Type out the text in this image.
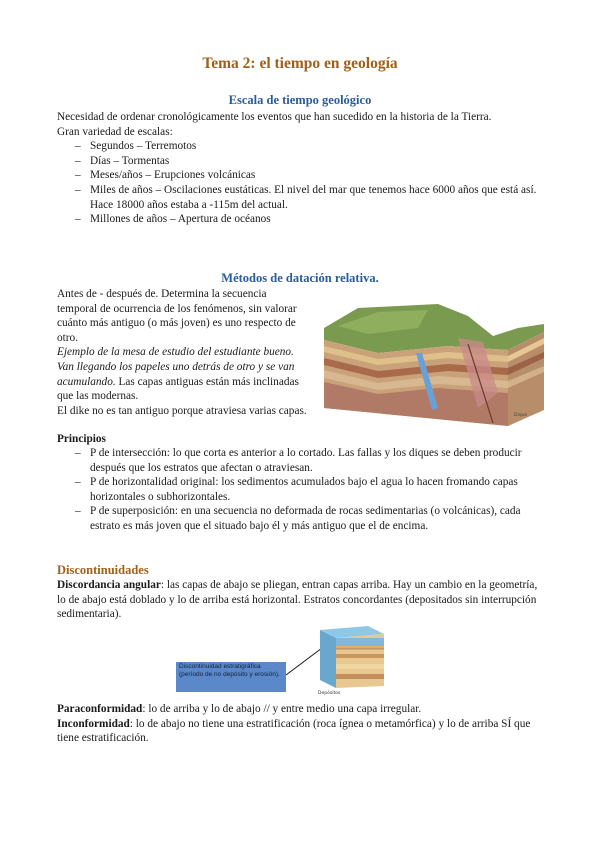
Tema 2: el tiempo en geología
Escala de tiempo geológico

Necesidad de ordenar cronológicamente los eventos que han sucedido en la historia de la Tierra.

Gran variedad de escalas:

– Segundos – Terremotos
– Días – Tormentas
– Meses/años – Erupciones volcánicas
– Miles de años – Oscilaciones eustáticas. El nivel del mar que tenemos hace 6000 años que está así. Hace 18000 años estaba a -115m del actual.
– Millones de años – Apertura de océanos
Métodos de datación relativa.

Antes de - después de. Determina la secuencia temporal de ocurrencia de los fenómenos, sin valorar cuánto más antiguo (o más joven) es uno respecto de otro.

Ejemplo de la mesa de estudio del estudiante bueno. Van llegando los papeles uno detrás de otro y se van acumulando. Las capas antiguas están más inclinadas que las modernas.

El dike no es tan antiguo porque atraviesa varias capas.	Dique
Principios
– P de intersección: lo que corta es anterior a lo cortado. Las fallas y los diques se deben producir después que los estratos que afectan o atraviesan.
– P de horizontalidad original: los sedimentos acumulados bajo el agua lo hacen fromando capas horizontales o subhorizontales.
– P de superposición: en una secuencia no deformada de rocas sedimentarias (o volcánicas), cada estrato es más joven que el situado bajo él y más antiguo que el de encima.
Discontinuidades

Discordancia angular: las capas de abajo se pliegan, entran capas arriba. Hay un cambio en la geometría, lo de abajo está doblado y lo de arriba está horizontal. Estratos concordantes (depositados sin interrupción sedimentaria).

Discontinuidad estratigráfica (período de no depósito y erosión).
Depósitos

Paraconformidad: lo de arriba y lo de abajo // y entre medio una capa irregular.

Inconformidad: lo de abajo no tiene una estratificación (roca ígnea o metamórfica) y lo de arriba SÍ que tiene estratificación.
